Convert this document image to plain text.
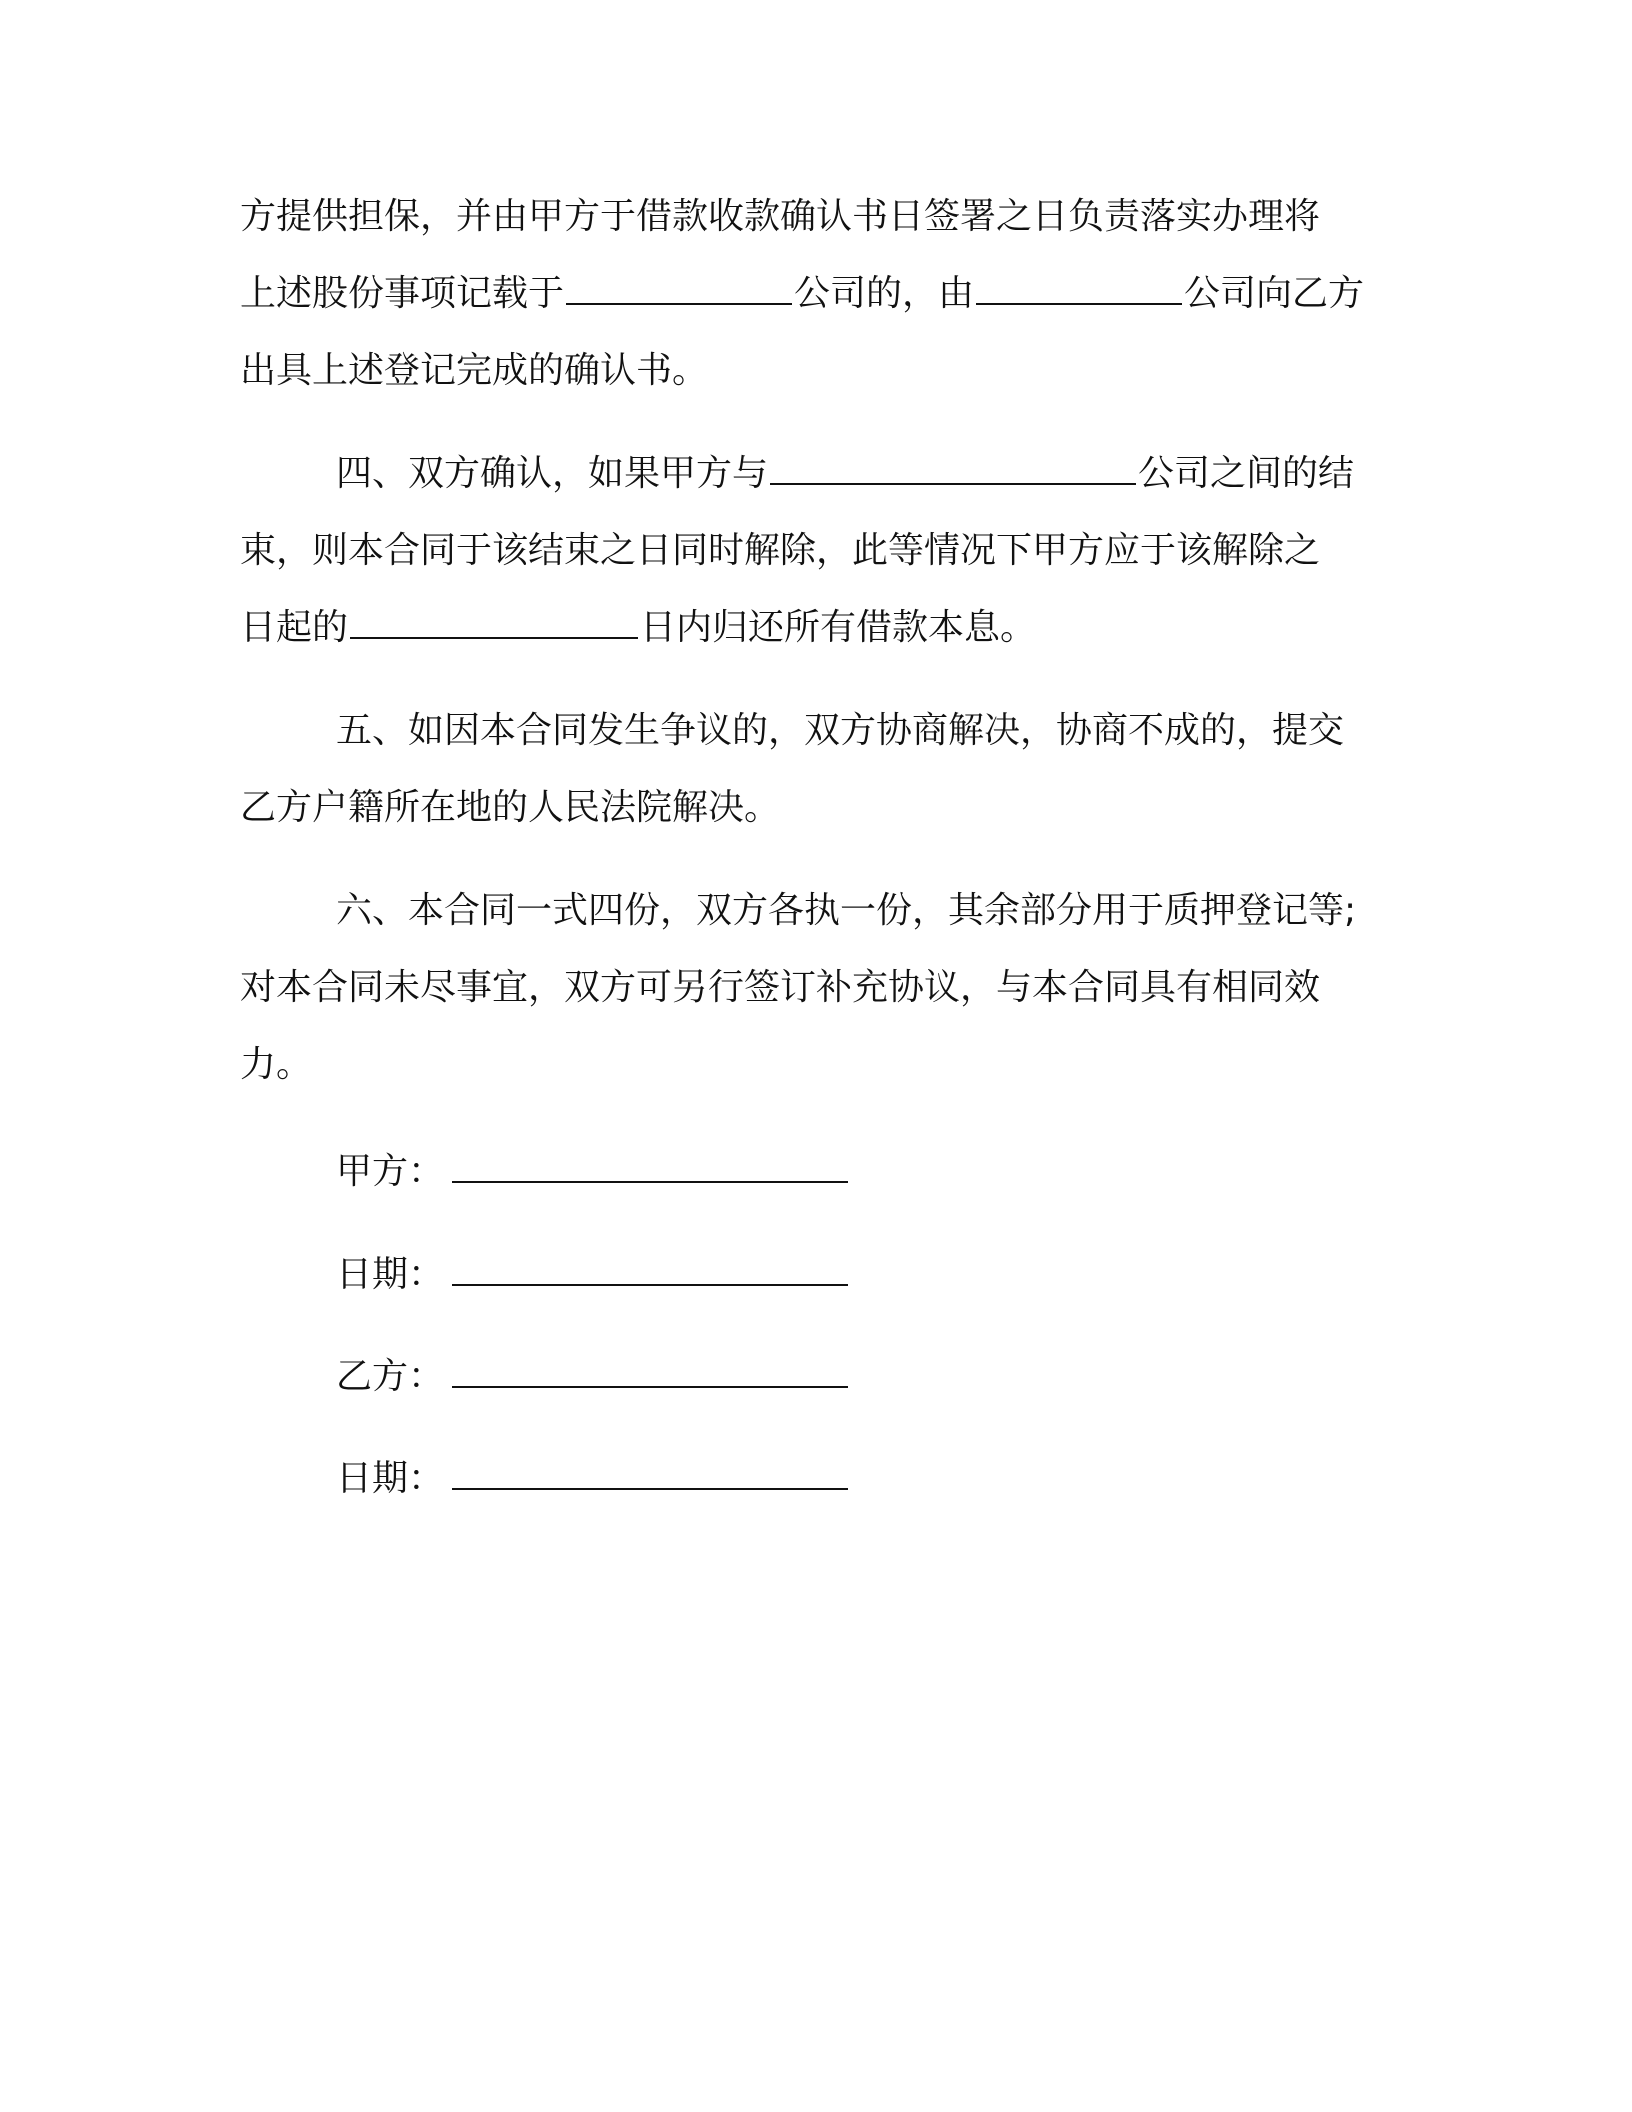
方提供担保，并由甲方于借款收款确认书日签署之日负责落实办理将

上述股份事项记载于	公司的，由	公司向乙方

出具上述登记完成的确认书。

四、双方确认，如果甲方与	公司之间的结

束，则本合同于该结束之日同时解除，此等情况下甲方应于该解除之

日起的	日内归还所有借款本息。

五、如因本合同发生争议的，双方协商解决，协商不成的，提交

乙方户籍所在地的人民法院解决。

六、本合同一式四份，双方各执一份，其余部分用于质押登记等;

对本合同未尽事宜，双方可另行签订补充协议，与本合同具有相同效

力。

甲方：
日期：
乙方：
日期：
